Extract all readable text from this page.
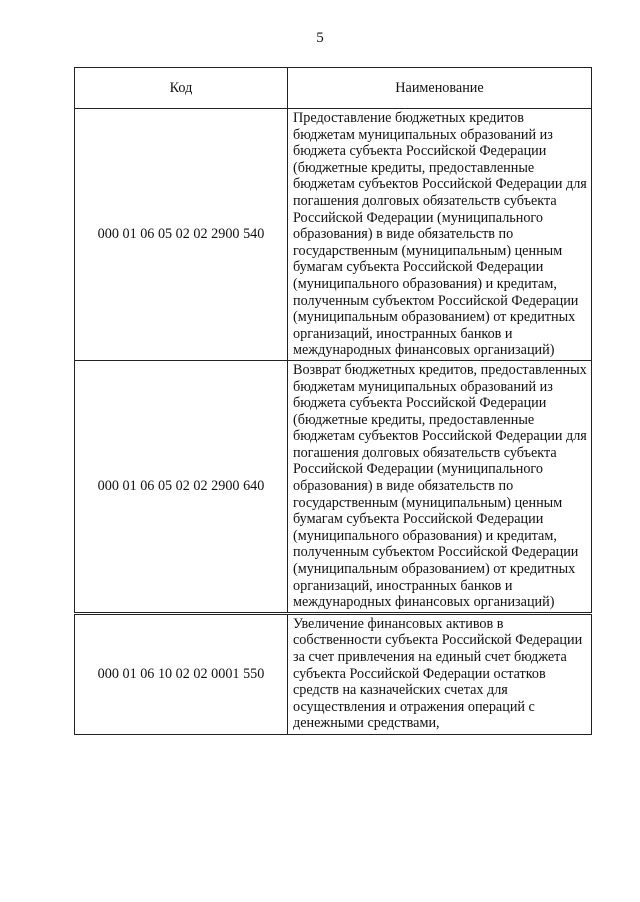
5
Код	Наименование
000 01 06 05 02 02 2900 540	Предоставление бюджетных кредитов бюджетам муниципальных образований из бюджета субъекта Российской Федерации (бюджетные кредиты, предоставленные бюджетам субъектов Российской Федерации для погашения долговых обязательств субъекта Российской Федерации (муниципального образования) в виде обязательств по государственным (муниципальным) ценным бумагам субъекта Российской Федерации (муниципального образования) и кредитам, полученным субъектом Российской Федерации (муниципальным образованием) от кредитных организаций, иностранных банков и международных финансовых организаций)
000 01 06 05 02 02 2900 640	Возврат бюджетных кредитов, предоставленных бюджетам муниципальных образований из бюджета субъекта Российской Федерации (бюджетные кредиты, предоставленные бюджетам субъектов Российской Федерации для погашения долговых обязательств субъекта Российской Федерации (муниципального образования) в виде обязательств по государственным (муниципальным) ценным бумагам субъекта Российской Федерации (муниципального образования) и кредитам, полученным субъектом Российской Федерации (муниципальным образованием) от кредитных организаций, иностранных банков и международных финансовых организаций)
000 01 06 10 02 02 0001 550	Увеличение финансовых активов в собственности субъекта Российской Федерации за счет привлечения на единый счет бюджета субъекта Российской Федерации остатков средств на казначейских счетах для осуществления и отражения операций с денежными средствами,
